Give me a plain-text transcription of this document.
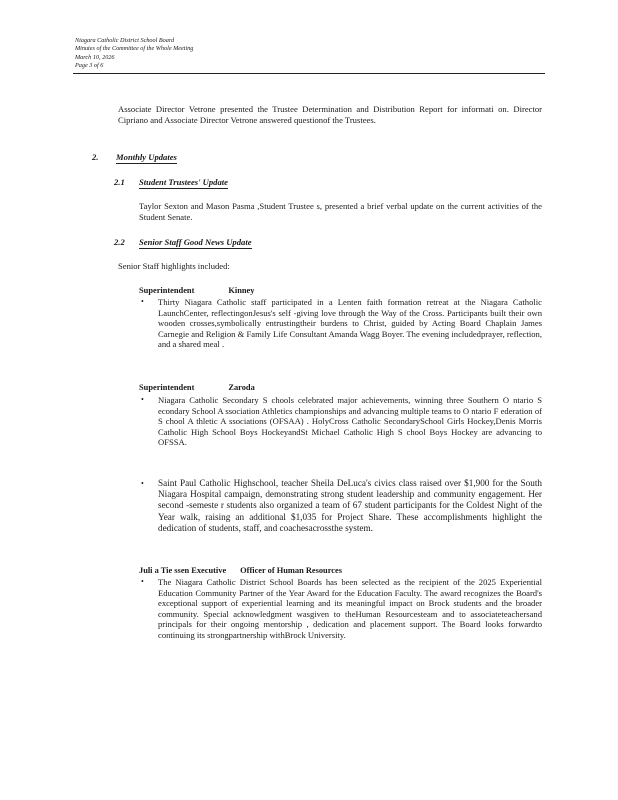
Niagara Catholic District School Board
Minutes of the Committee of the Whole Meeting
March 10, 2026
Page 3 of 6
Associate Director Vetrone presented the Trustee Determination and Distribution Report for informati on. Director Cipriano and Associate Director Vetrone answered questionof the Trustees.
2. Monthly Updates
2.1 Student Trustees' Update
Taylor Sexton and Mason Pasma ,Student Trustee s, presented a brief verbal update on the current activities of the Student Senate.
2.2 Senior Staff Good News Update
Senior Staff highlights included:
Superintendent	Kinney
• Thirty Niagara Catholic staff participated in a Lenten faith formation retreat at the Niagara Catholic LaunchCenter, reflectingonJesus's self -giving love through the Way of the Cross. Participants built their own wooden crosses,symbolically entrustingtheir burdens to Christ, guided by Acting Board Chaplain James Carnegie and Religion & Family Life Consultant Amanda Wagg Boyer. The evening includedprayer, reflection, and a shared meal .
Superintendent	Zaroda
• Niagara Catholic Secondary S chools celebrated major achievements, winning three Southern O ntario S econdary School A ssociation Athletics championships and advancing multiple teams to O ntario F ederation of S chool A thletic A ssociations (OFSAA) . HolyCross Catholic SecondarySchool Girls Hockey,Denis Morris Catholic High School Boys HockeyandSt Michael Catholic High S chool Boys Hockey are advancing to OFSSA.
• Saint Paul Catholic Highschool, teacher Sheila DeLuca's civics class raised over $1,900 for the South Niagara Hospital campaign, demonstrating strong student leadership and community engagement. Her second -semeste r students also organized a team of 67 student participants for the Coldest Night of the Year walk, raising an additional $1,035 for Project Share. These accomplishments highlight the dedication of students, staff, and coachesacrossthe system.
Juli a Tie ssen Executive Officer of Human Resources
• The Niagara Catholic District School Boards has been selected as the recipient of the 2025 Experiential Education Community Partner of the Year Award for the Education Faculty. The award recognizes the Board's exceptional support of experiential learning and its meaningful impact on Brock students and the broader community. Special acknowledgment wasgiven to theHuman Resourcesteam and to associateteachersand principals for their ongoing mentorship , dedication and placement support. The Board looks forwardto continuing its strongpartnership withBrock University.
